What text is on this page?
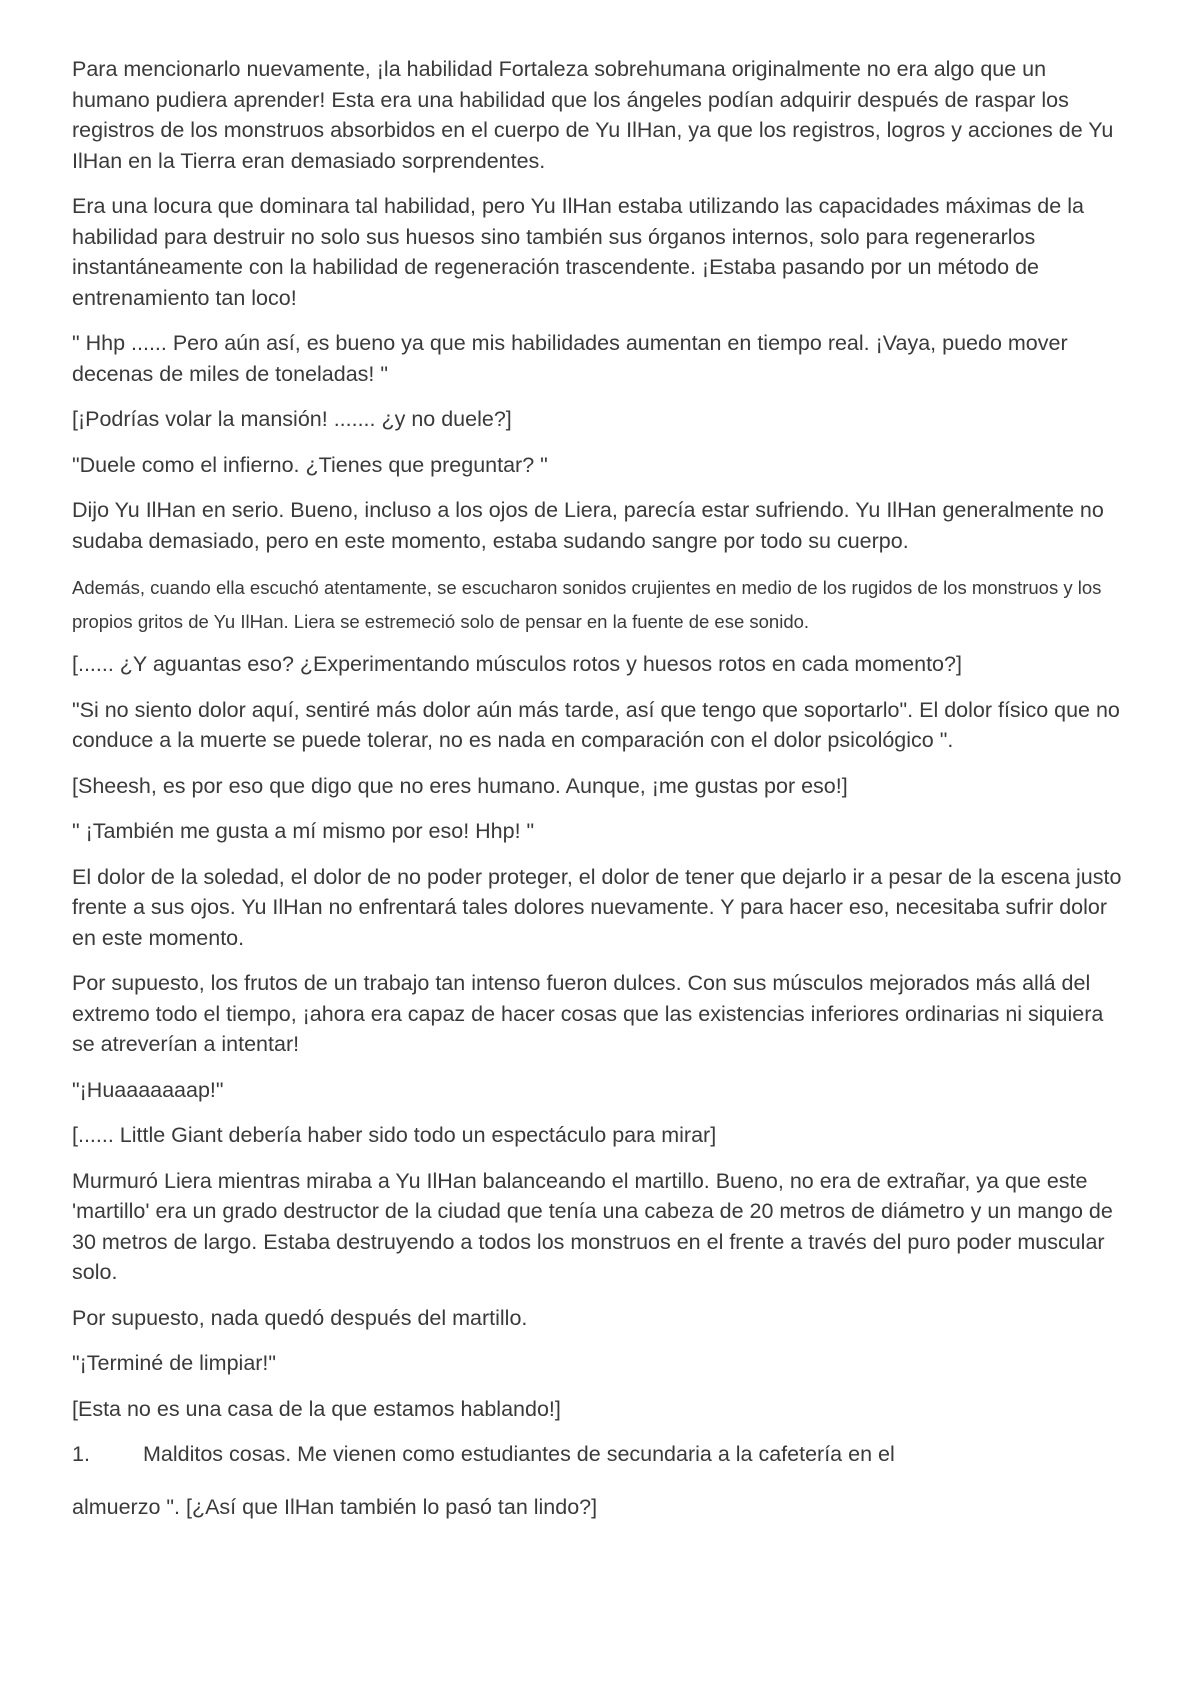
Para mencionarlo nuevamente, ¡la habilidad Fortaleza sobrehumana originalmente no era algo que un humano pudiera aprender! Esta era una habilidad que los ángeles podían adquirir después de raspar los registros de los monstruos absorbidos en el cuerpo de Yu IlHan, ya que los registros, logros y acciones de Yu IlHan en la Tierra eran demasiado sorprendentes.

Era una locura que dominara tal habilidad, pero Yu IlHan estaba utilizando las capacidades máximas de la habilidad para destruir no solo sus huesos sino también sus órganos internos, solo para regenerarlos instantáneamente con la habilidad de regeneración trascendente. ¡Estaba pasando por un método de entrenamiento tan loco!

" Hhp ...... Pero aún así, es bueno ya que mis habilidades aumentan en tiempo real. ¡Vaya, puedo mover decenas de miles de toneladas! "

[¡Podrías volar la mansión! ....... ¿y no duele?]

"Duele como el infierno. ¿Tienes que preguntar? "

Dijo Yu IlHan en serio. Bueno, incluso a los ojos de Liera, parecía estar sufriendo. Yu IlHan generalmente no sudaba demasiado, pero en este momento, estaba sudando sangre por todo su cuerpo.

Además, cuando ella escuchó atentamente, se escucharon sonidos crujientes en medio de los rugidos de los monstruos y los propios gritos de Yu IlHan. Liera se estremeció solo de pensar en la fuente de ese sonido.

[...... ¿Y aguantas eso? ¿Experimentando músculos rotos y huesos rotos en cada momento?]

"Si no siento dolor aquí, sentiré más dolor aún más tarde, así que tengo que soportarlo". El dolor físico que no conduce a la muerte se puede tolerar, no es nada en comparación con el dolor psicológico ".

[Sheesh, es por eso que digo que no eres humano. Aunque, ¡me gustas por eso!]

" ¡También me gusta a mí mismo por eso! Hhp! "

El dolor de la soledad, el dolor de no poder proteger, el dolor de tener que dejarlo ir a pesar de la escena justo frente a sus ojos. Yu IlHan no enfrentará tales dolores nuevamente. Y para hacer eso, necesitaba sufrir dolor en este momento.

Por supuesto, los frutos de un trabajo tan intenso fueron dulces. Con sus músculos mejorados más allá del extremo todo el tiempo, ¡ahora era capaz de hacer cosas que las existencias inferiores ordinarias ni siquiera se atreverían a intentar!

"¡Huaaaaaaap!"

[...... Little Giant debería haber sido todo un espectáculo para mirar]

Murmuró Liera mientras miraba a Yu IlHan balanceando el martillo. Bueno, no era de extrañar, ya que este 'martillo' era un grado destructor de la ciudad que tenía una cabeza de 20 metros de diámetro y un mango de 30 metros de largo. Estaba destruyendo a todos los monstruos en el frente a través del puro poder muscular solo.

Por supuesto, nada quedó después del martillo.

"¡Terminé de limpiar!"

[Esta no es una casa de la que estamos hablando!]

1.	Malditos cosas. Me vienen como estudiantes de secundaria a la cafetería en el

almuerzo ". [¿Así que IlHan también lo pasó tan lindo?]
